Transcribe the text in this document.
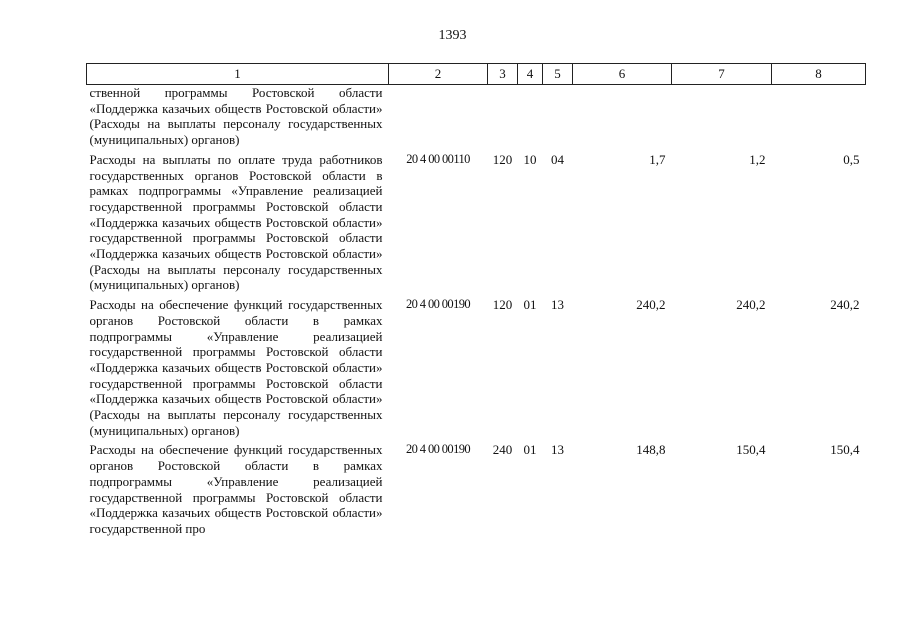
1393
1	2	3	4	5	6	7	8
ственной программы Ростовской области «Поддержка казачьих обществ Ростовской области» (Расходы на выплаты персоналу государственных (муниципальных) органов)							
Расходы на выплаты по оплате труда работников государственных органов Ростовской области в рамках подпрограммы «Управление реализацией государственной программы Ростовской области «Поддержка казачьих обществ Ростовской области» государственной программы Ростовской области «Поддержка казачьих обществ Ростовской области» (Расходы на выплаты персоналу государственных (муниципальных) органов)	20 4 00 00110	120	10	04	1,7	1,2	0,5
Расходы на обеспечение функций государственных органов Ростовской области в рамках подпрограммы «Управление реализацией государственной программы Ростовской области «Поддержка казачьих обществ Ростовской области» государственной программы Ростовской области «Поддержка казачьих обществ Ростовской области» (Расходы на выплаты персоналу государственных (муниципальных) органов)	20 4 00 00190	120	01	13	240,2	240,2	240,2
Расходы на обеспечение функций государственных органов Ростовской области в рамках подпрограммы «Управление реализацией государственной программы Ростовской области «Поддержка казачьих обществ Ростовской области» государственной про	20 4 00 00190	240	01	13	148,8	150,4	150,4
